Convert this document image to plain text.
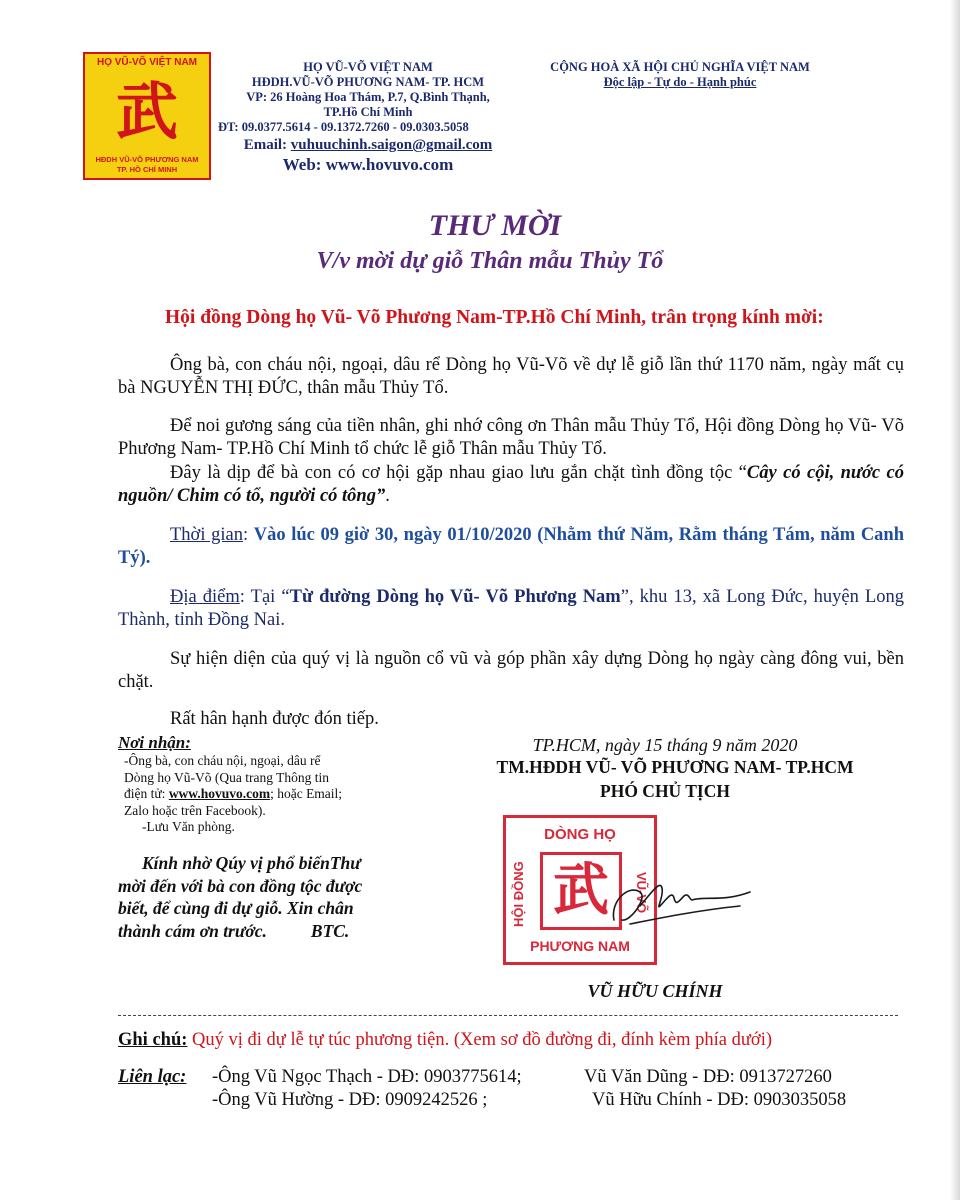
HỌ VŨ-VÕ VIỆT NAM
武
HĐDH VŨ-VÕ PHƯƠNG NAM
TP. HỒ CHÍ MINH
HỌ VŨ-VÕ VIỆT NAM
HĐDH.VŨ-VÕ PHƯƠNG NAM- TP. HCM
VP: 26 Hoàng Hoa Thám, P.7, Q.Bình Thạnh,
TP.Hồ Chí Minh
ĐT: 09.0377.5614 - 09.1372.7260 - 09.0303.5058
Email: vuhuuchinh.saigon@gmail.com
Web: www.hovuvo.com
CỘNG HOÀ XÃ HỘI CHỦ NGHĨA VIỆT NAM
Độc lập - Tự do - Hạnh phúc
THƯ MỜI
V/v mời dự giỗ Thân mẫu Thủy Tổ
Hội đồng Dòng họ Vũ- Võ Phương Nam-TP.Hồ Chí Minh, trân trọng kính mời:
Ông bà, con cháu nội, ngoại, dâu rể Dòng họ Vũ-Võ về dự lễ giỗ lần thứ 1170 năm, ngày mất cụ bà NGUYỄN THỊ ĐỨC, thân mẫu Thủy Tổ.
Để noi gương sáng của tiền nhân, ghi nhớ công ơn Thân mẫu Thủy Tổ, Hội đồng Dòng họ Vũ- Võ Phương Nam- TP.Hồ Chí Minh tổ chức lễ giỗ Thân mẫu Thủy Tổ.
Đây là dịp để bà con có cơ hội gặp nhau giao lưu gắn chặt tình đồng tộc “Cây có cội, nước có nguồn/ Chim có tổ, người có tông”.
Thời gian: Vào lúc 09 giờ 30, ngày 01/10/2020 (Nhằm thứ Năm, Rằm tháng Tám, năm Canh Tý).
Địa điểm: Tại “Từ đường Dòng họ Vũ- Võ Phương Nam”, khu 13, xã Long Đức, huyện Long Thành, tỉnh Đồng Nai.
Sự hiện diện của quý vị là nguồn cổ vũ và góp phần xây dựng Dòng họ ngày càng đông vui, bền chặt.
Rất hân hạnh được đón tiếp.
Nơi nhận:
-Ông bà, con cháu nội, ngoại, dâu rể
Dòng họ Vũ-Võ (Qua trang Thông tin
điện tử: www.hovuvo.com; hoặc Email;
Zalo hoặc trên Facebook).
-Lưu Văn phòng.
Kính nhờ Qúy vị phổ biếnThư
mời đến với bà con đồng tộc được
biết, để cùng đi dự giỗ. Xin chân
thành cám ơn trước.	BTC.
TP.HCM, ngày 15 tháng 9 năm 2020
TM.HĐDH VŨ- VÕ PHƯƠNG NAM- TP.HCM
PHÓ CHỦ TỊCH
DÒNG HỌ
HỘI ĐỒNG	VŨ-VÕ
武
PHƯƠNG NAM
VŨ HỮU CHÍNH
Ghi chú: Quý vị đi dự lễ tự túc phương tiện. (Xem sơ đồ đường đi, đính kèm phía dưới)
Liên lạc: -Ông Vũ Ngọc Thạch - DĐ: 0903775614;	Vũ Văn Dũng - DĐ: 0913727260
-Ông Vũ Hường - DĐ: 0909242526 ;	Vũ Hữu Chính - DĐ: 0903035058
